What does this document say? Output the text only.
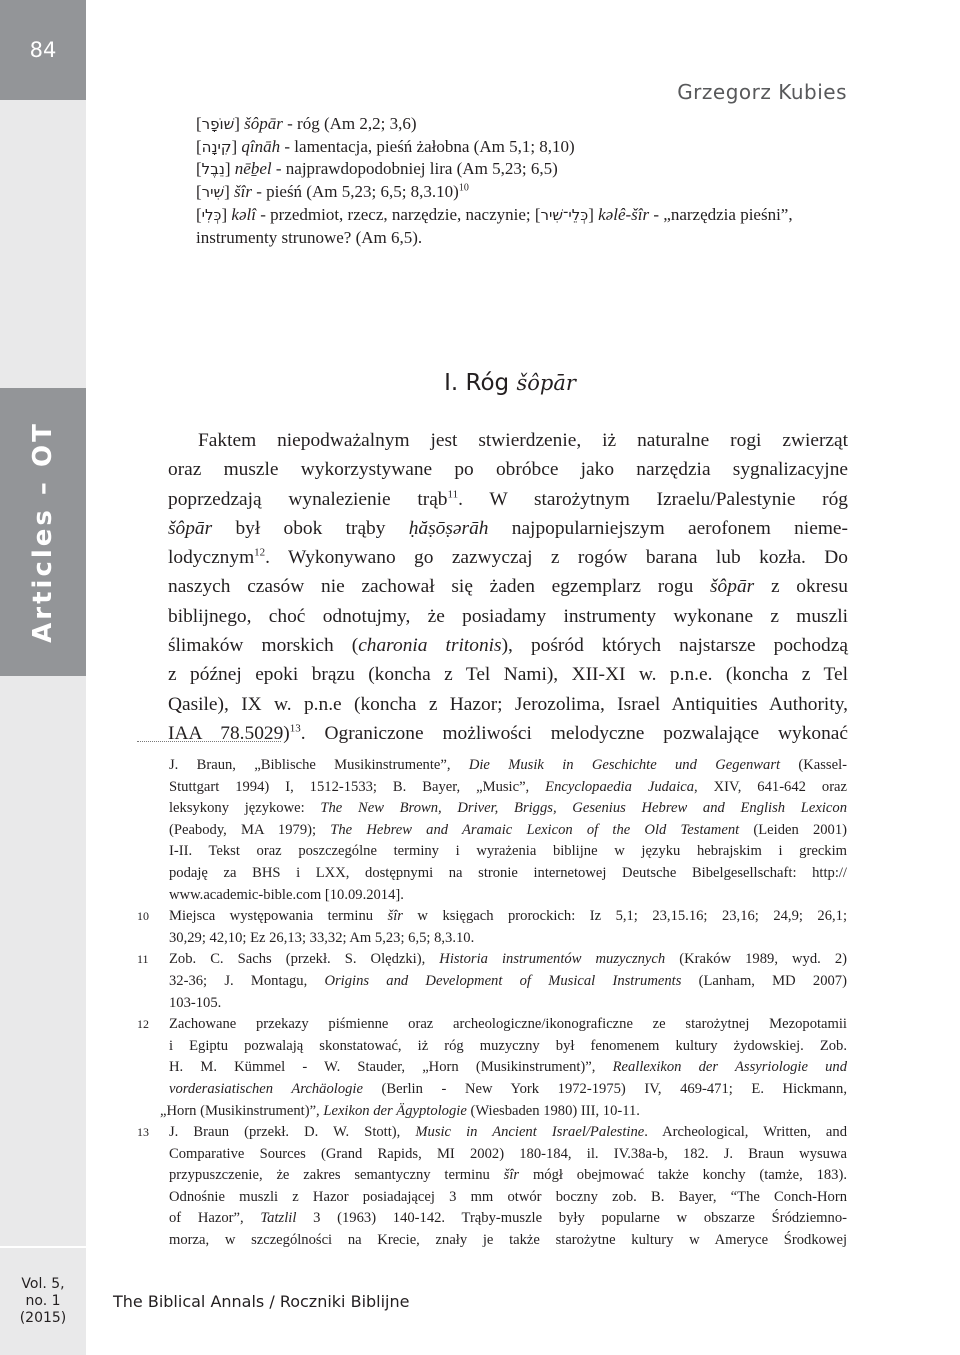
84
Articles – OT
Vol. 5,
no. 1
(2015)
Grzegorz Kubies
[שׁוֹפָר] šôpār - róg (Am 2,2; 3,6)
[קִינָה] qînāh - lamentacja, pieśń żałobna (Am 5,1; 8,10)
[נֵבֶל] nēḇel - najprawdopodobniej lira (Am 5,23; 6,5)
[שִׁיר] šîr - pieśń (Am 5,23; 6,5; 8,3.10)$^{10}$
[כְּלִי] kəlî - przedmiot, rzecz, narzędzie, naczynie; [כְּלֵי־שִׁיר] kəlê-šîr - „narzędzia pieśni”,
instrumenty strunowe? (Am 6,5).
I. Róg šôpār
Faktem niepodważalnym jest stwierdzenie, iż naturalne rogi zwierząt
oraz muszle wykorzystywane po obróbce jako narzędzia sygnalizacyjne
poprzedzają wynalezienie trąb$^{11}$. W starożytnym Izraelu/Palestynie róg
šôpār był obok trąby ḥăṣōṣərāh najpopularniejszym aerofonem nieme-
lodycznym$^{12}$. Wykonywano go zazwyczaj z rogów barana lub kozła. Do
naszych czasów nie zachował się żaden egzemplarz rogu šôpār z okresu
biblijnego, choć odnotujmy, że posiadamy instrumenty wykonane z muszli
ślimaków morskich (charonia tritonis), pośród których najstarsze pochodzą
z późnej epoki brązu (koncha z Tel Nami), XII-XI w. p.n.e. (koncha z Tel
Qasile), IX w. p.n.e (koncha z Hazor; Jerozolima, Israel Antiquities Authority,
IAA 78.5029)$^{13}$. Ograniczone możliwości melodyczne pozwalające wykonać
J. Braun, „Biblische Musikinstrumente”, Die Musik in Geschichte und Gegenwart (Kassel-
Stuttgart 1994) I, 1512-1533; B. Bayer, „Music”, Encyclopaedia Judaica, XIV, 641-642 oraz
leksykony językowe: The New Brown, Driver, Briggs, Gesenius Hebrew and English Lexicon
(Peabody, MA 1979); The Hebrew and Aramaic Lexicon of the Old Testament (Leiden 2001)
I-II. Tekst oraz poszczególne terminy i wyrażenia biblijne w języku hebrajskim i greckim
podaję za BHS i LXX, dostępnymi na stronie internetowej Deutsche Bibelgesellschaft: http://
www.academic-bible.com [10.09.2014].
10 Miejsca występowania terminu šîr w księgach prorockich: Iz 5,1; 23,15.16; 23,16; 24,9; 26,1;
30,29; 42,10; Ez 26,13; 33,32; Am 5,23; 6,5; 8,3.10.
11 Zob. C. Sachs (przekł. S. Olędzki), Historia instrumentów muzycznych (Kraków 1989, wyd. 2)
32-36; J. Montagu, Origins and Development of Musical Instruments (Lanham, MD 2007)
103-105.
12 Zachowane przekazy piśmienne oraz archeologiczne/ikonograficzne ze starożytnej Mezopotamii
i Egiptu pozwalają skonstatować, iż róg muzyczny był fenomenem kultury żydowskiej. Zob.
H. M. Kümmel - W. Stauder, „Horn (Musikinstrument)”, Reallexikon der Assyriologie und
vorderasiatischen Archäologie (Berlin - New York 1972-1975) IV, 469-471; E. Hickmann,
„Horn (Musikinstrument)”, Lexikon der Ägyptologie (Wiesbaden 1980) III, 10-11.
13 J. Braun (przekł. D. W. Stott), Music in Ancient Israel/Palestine. Archeological, Written, and
Comparative Sources (Grand Rapids, MI 2002) 180-184, il. IV.38a-b, 182. J. Braun wysuwa
przypuszczenie, że zakres semantyczny terminu šîr mógł obejmować także konchy (tamże, 183).
Odnośnie muszli z Hazor posiadającej 3 mm otwór boczny zob. B. Bayer, “The Conch-Horn
of Hazor”, Tatzlil 3 (1963) 140-142. Trąby-muszle były popularne w obszarze Śródziemno-
morza, w szczególności na Krecie, znały je także starożytne kultury w Ameryce Środkowej
The Biblical Annals / Roczniki Biblijne
